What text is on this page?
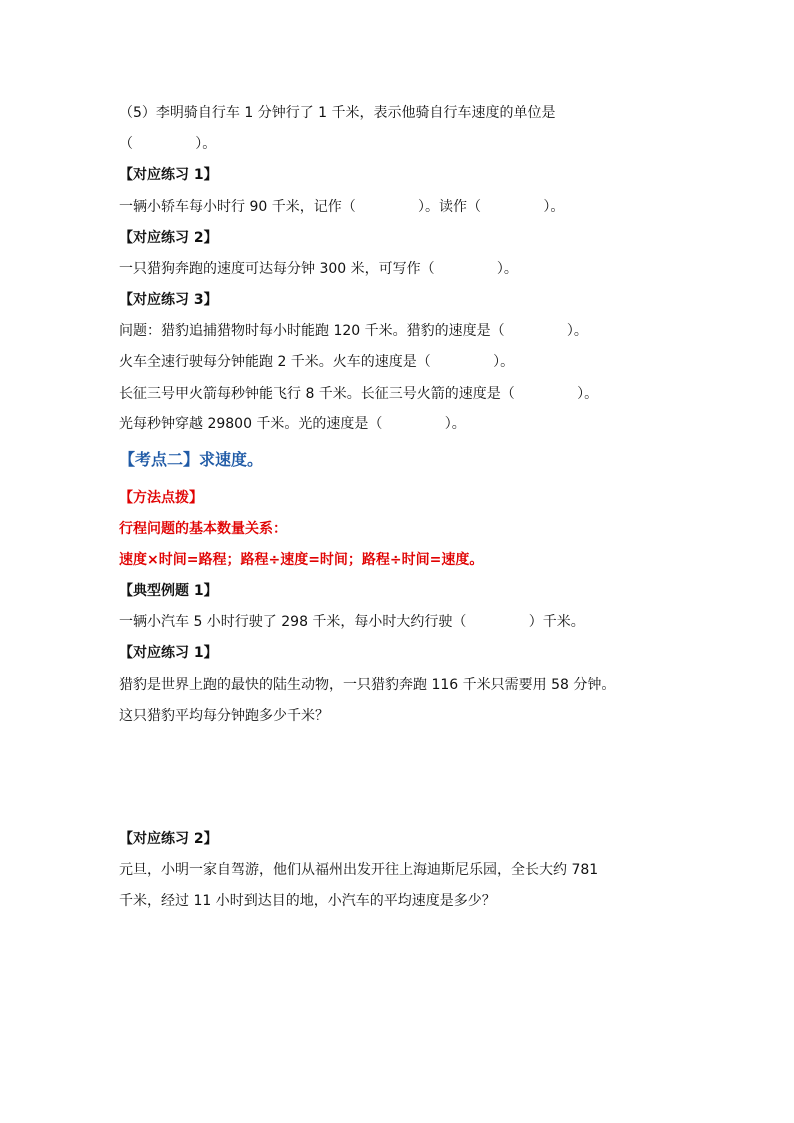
（5）李明骑自行车 1 分钟行了 1 千米，表示他骑自行车速度的单位是
（              ）。
【对应练习 1】
一辆小轿车每小时行 90 千米，记作（              ）。读作（              ）。
【对应练习 2】
一只猎狗奔跑的速度可达每分钟 300 米，可写作（              ）。
【对应练习 3】
问题：猎豹追捕猎物时每小时能跑 120 千米。猎豹的速度是（              ）。
火车全速行驶每分钟能跑 2 千米。火车的速度是（              ）。
长征三号甲火箭每秒钟能飞行 8 千米。长征三号火箭的速度是（              ）。
光每秒钟穿越 29800 千米。光的速度是（              ）。
【考点二】求速度。
【方法点拨】
行程问题的基本数量关系：
速度×时间=路程；路程÷速度=时间；路程÷时间=速度。
【典型例题 1】
一辆小汽车 5 小时行驶了 298 千米，每小时大约行驶（              ）千米。
【对应练习 1】
猎豹是世界上跑的最快的陆生动物，一只猎豹奔跑 116 千米只需要用 58 分钟。
这只猎豹平均每分钟跑多少千米？
【对应练习 2】
元旦，小明一家自驾游，他们从福州出发开往上海迪斯尼乐园，全长大约 781
千米，经过 11 小时到达目的地，小汽车的平均速度是多少？
